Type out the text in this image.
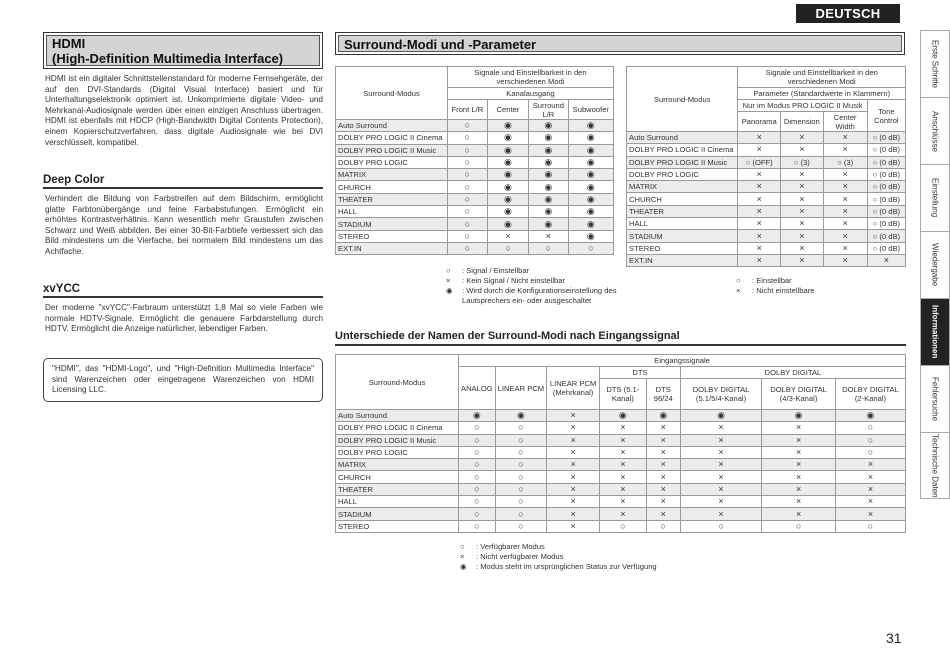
DEUTSCH
Erste Schritte
Anschlüsse
Einstellung
Wiedergabe
Informationen
Fehlersuche
Technische Daten
HDMI
(High-Definition Multimedia Interface)
HDMI ist ein digitaler Schnittstellenstandard für moderne Fernsehgeräte, der auf den DVI-Standards (Digital Visual Interface) basiert und für Unterhaltungselektronik optimiert ist. Unkomprimierte digitale Video- und Mehrkanal-Audiosignale werden über einen einzigen Anschluss übertragen. HDMI ist ebenfalls mit HDCP (High-Bandwidth Digital Contents Protection), einem Kopierschutzverfahren, dass digitale Audiosignale wie bei DVI verschlüsselt, kompatibel.
Deep Color
Verhindert die Bildung von Farbstreifen auf dem Bildschirm, ermöglicht glatte Farbtonübergänge und feine Farbabstufungen. Ermöglicht ein erhöhtes Kontrastverhältnis. Kann wesentlich mehr Graustufen zwischen Schwarz und Weiß abbilden. Bei einer 30-Bit-Farbtiefe verbessert sich das Bild mindestens um die Vierfache, bei normalem Bild mindestens um das Achtfache.
xvYCC
Der moderne "xvYCC"-Farbraum unterstützt 1,8 Mal so viele Farben wie normale HDTV-Signale. Ermöglicht die genauere Farbdarstellung durch HDTV. Ermöglicht die Anzeige natürlicher, lebendiger Farben.
"HDMI", das "HDMI-Logo", und "High-Definition Multimedia Interface" sind Warenzeichen oder eingetragene Warenzeichen von HDMI Licensing LLC.
Surround-Modi und -Parameter
Surround-Modus	Signale und Einstellbarkeit in den verschiedenen Modi			
	Kanalausgang			
	Front L/R	Center	Surround L/R	Subwoofer
Auto Surround	○	◉	◉	◉
DOLBY PRO LOGIC II Cinema	○	◉	◉	◉
DOLBY PRO LOGIC II Music	○	◉	◉	◉
DOLBY PRO LOGIC	○	◉	◉	◉
MATRIX	○	◉	◉	◉
CHURCH	○	◉	◉	◉
THEATER	○	◉	◉	◉
HALL	○	◉	◉	◉
STADIUM	○	◉	◉	◉
STEREO	○	×	×	◉
EXT.IN	○	○	○	○
○	: Signal / Einstellbar
×	: Kein Signal / Nicht einstellbar
◉	: Wird durch die Konfigurationseinstellung des Lautsprechers ein- oder ausgeschaltet
Surround-Modus	Signale und Einstellbarkeit in den verschiedenen Modi			
	Parameter (Standardwerte in Klammern)			
	Nur im Modus PRO LOGIC II Musik			Tone Control
	Panorama	Dimension	Center Width	
Auto Surround	×	×	×	○ (0 dB)
DOLBY PRO LOGIC II Cinema	×	×	×	○ (0 dB)
DOLBY PRO LOGIC II Music	○ (OFF)	○ (3)	○ (3)	○ (0 dB)
DOLBY PRO LOGIC	×	×	×	○ (0 dB)
MATRIX	×	×	×	○ (0 dB)
CHURCH	×	×	×	○ (0 dB)
THEATER	×	×	×	○ (0 dB)
HALL	×	×	×	○ (0 dB)
STADIUM	×	×	×	○ (0 dB)
STEREO	×	×	×	○ (0 dB)
EXT.IN	×	×	×	×
○	: Einstellbar
×	: Nicht einstellbare
Unterschiede der Namen der Surround-Modi nach Eingangssignal
Surround-Modus	Eingangssignale							
	ANALOG	LINEAR PCM	LINEAR PCM (Mehrkanal)	DTS		DOLBY DIGITAL		
				DTS (5.1-Kanal)	DTS 96/24	DOLBY DIGITAL (5.1/5/4-Kanal)	DOLBY DIGITAL (4/3-Kanal)	DOLBY DIGITAL (2-Kanal)
Auto Surround	◉	◉	×	◉	◉	◉	◉	◉
DOLBY PRO LOGIC II Cinema	○	○	×	×	×	×	×	○
DOLBY PRO LOGIC II Music	○	○	×	×	×	×	×	○
DOLBY PRO LOGIC	○	○	×	×	×	×	×	○
MATRIX	○	○	×	×	×	×	×	×
CHURCH	○	○	×	×	×	×	×	×
THEATER	○	○	×	×	×	×	×	×
HALL	○	○	×	×	×	×	×	×
STADIUM	○	○	×	×	×	×	×	×
STEREO	○	○	×	○	○	○	○	○
○	: Verfügbarer Modus
×	: Nicht verfügbarer Modus
◉	: Modus steht im ursprünglichen Status zur Verfügung
31
